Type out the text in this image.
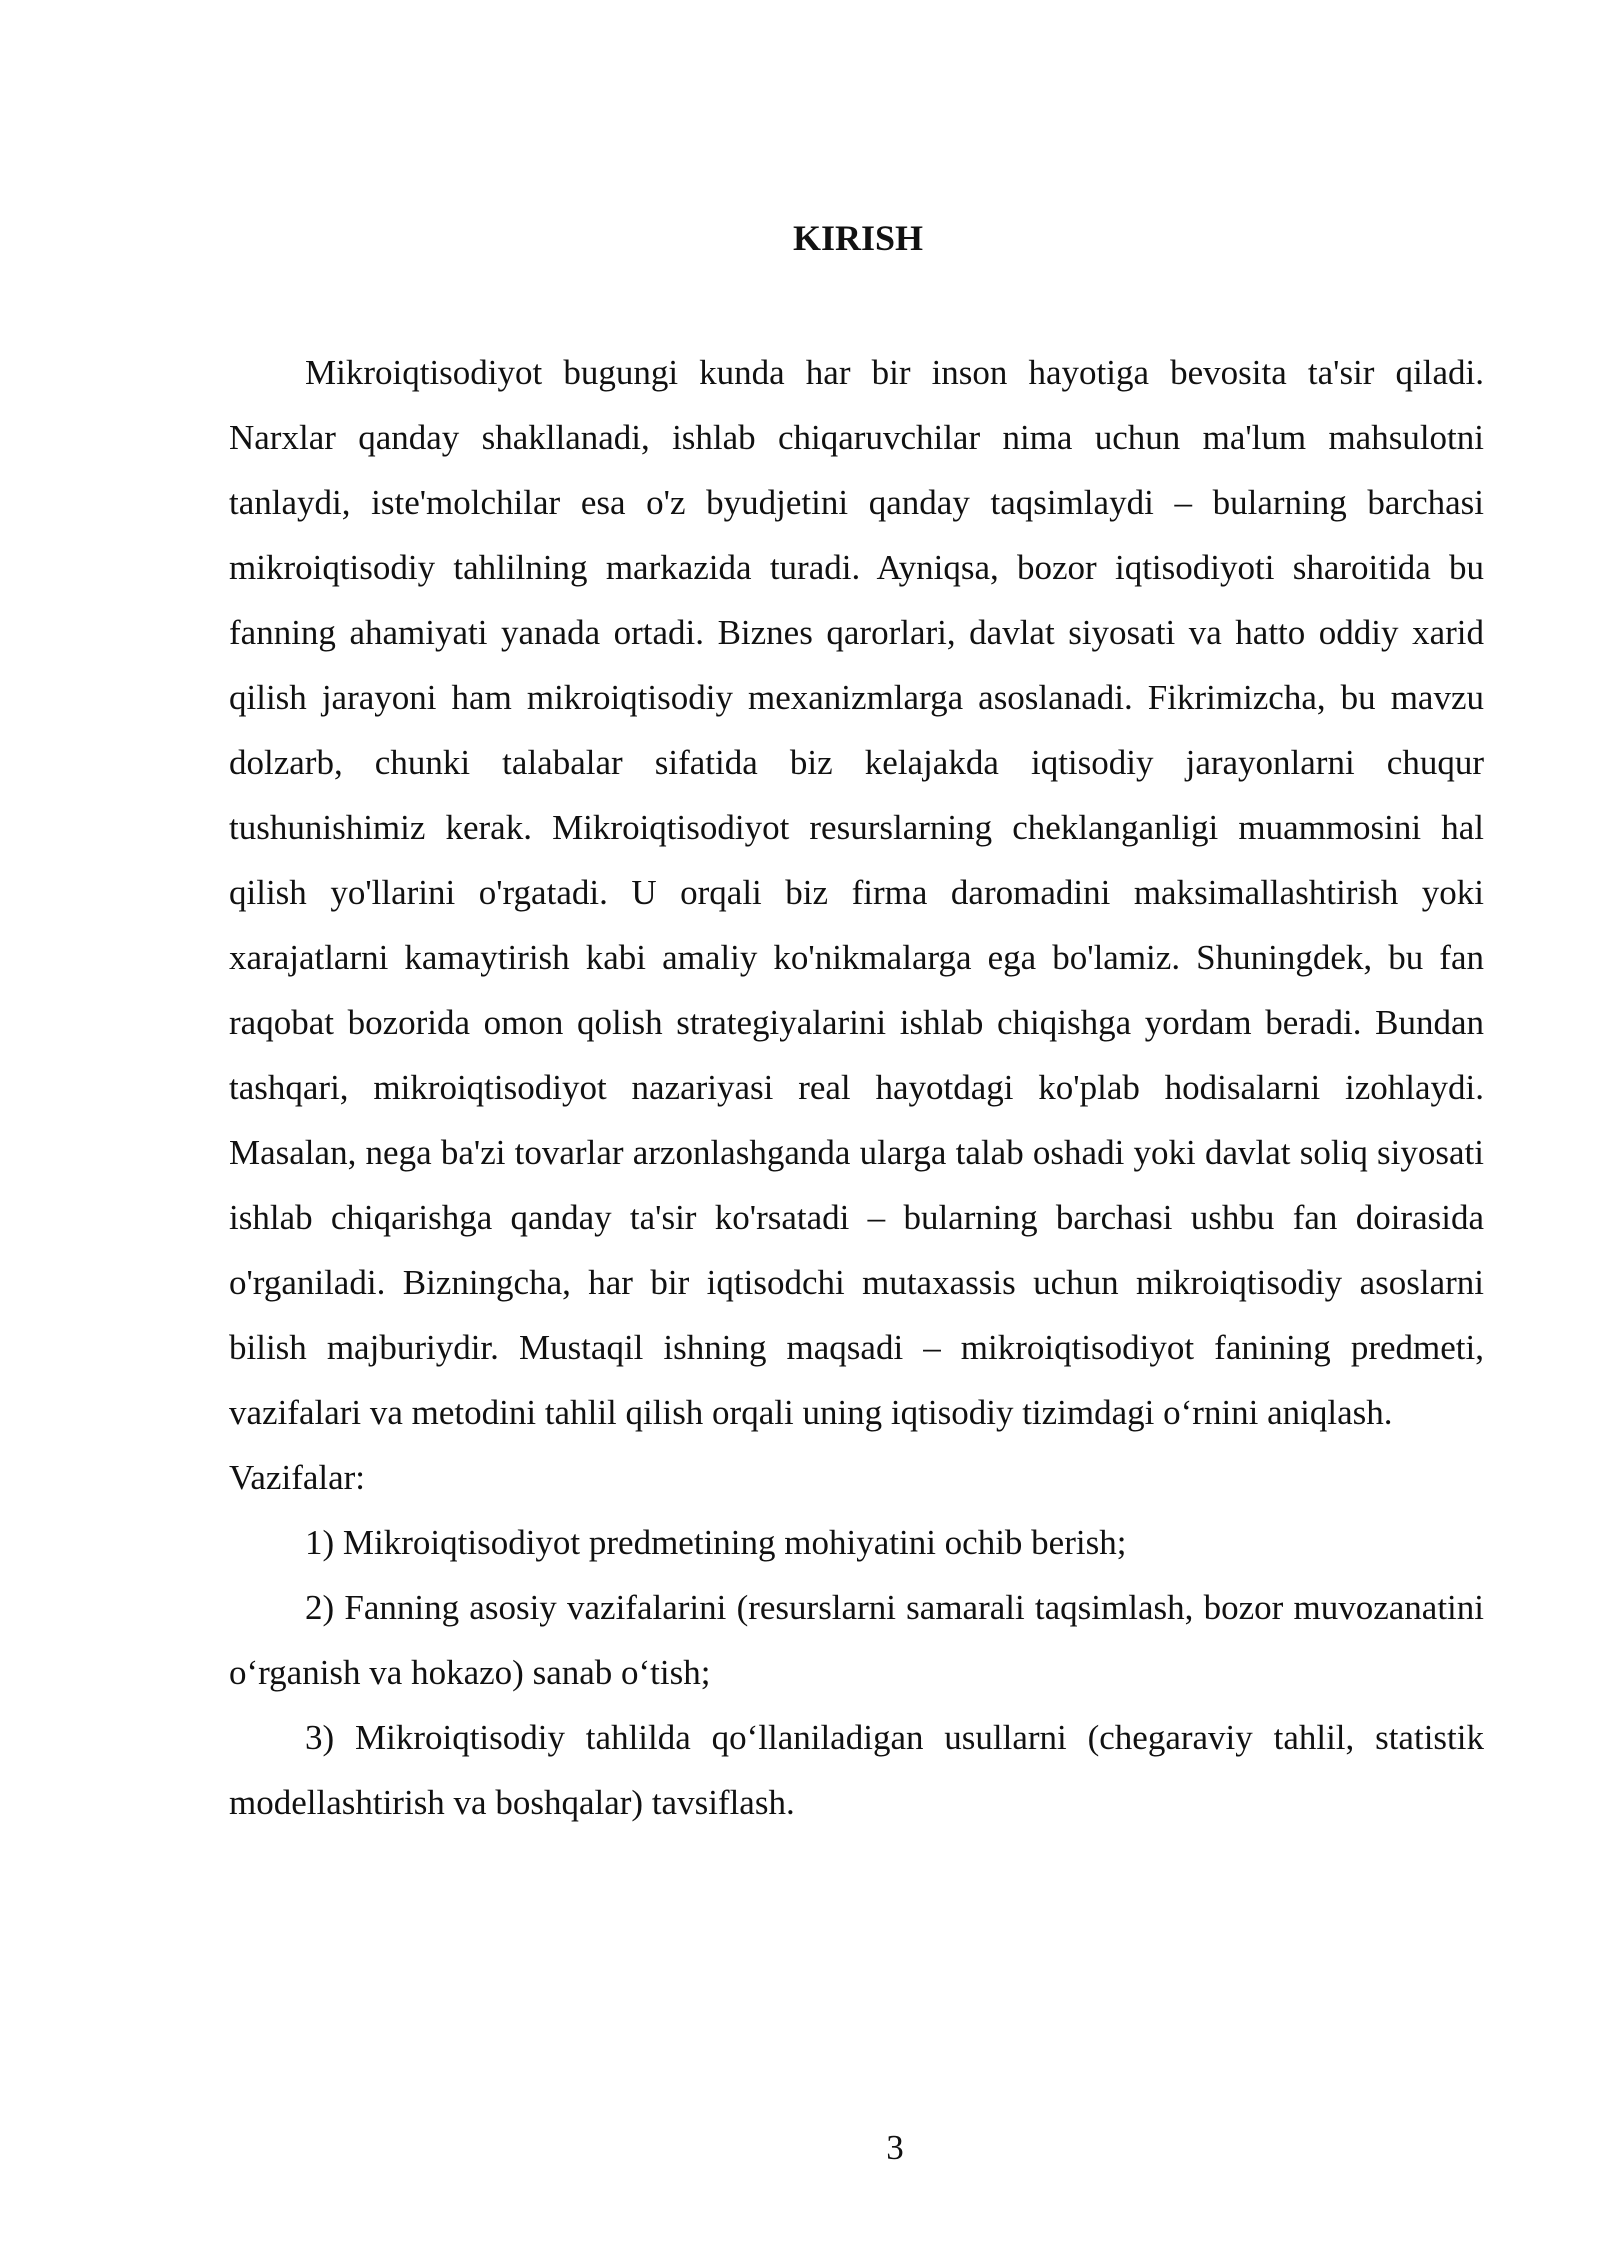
KIRISH

Mikroiqtisodiyot bugungi kunda har bir inson hayotiga bevosita ta'sir qiladi. Narxlar qanday shakllanadi, ishlab chiqaruvchilar nima uchun ma'lum mahsulotni tanlaydi, iste'molchilar esa o'z byudjetini qanday taqsimlaydi – bularning barchasi mikroiqtisodiy tahlilning markazida turadi. Ayniqsa, bozor iqtisodiyoti sharoitida bu fanning ahamiyati yanada ortadi. Biznes qarorlari, davlat siyosati va hatto oddiy xarid qilish jarayoni ham mikroiqtisodiy mexanizmlarga asoslanadi. Fikrimizcha, bu mavzu dolzarb, chunki talabalar sifatida biz kelajakda iqtisodiy jarayonlarni chuqur tushunishimiz kerak. Mikroiqtisodiyot resurslarning cheklanganligi muammosini hal qilish yo'llarini o'rgatadi. U orqali biz firma daromadini maksimallashtirish yoki xarajatlarni kamaytirish kabi amaliy ko'nikmalarga ega bo'lamiz. Shuningdek, bu fan raqobat bozorida omon qolish strategiyalarini ishlab chiqishga yordam beradi. Bundan tashqari, mikroiqtisodiyot nazariyasi real hayotdagi ko'plab hodisalarni izohlaydi. Masalan, nega ba'zi tovarlar arzonlashganda ularga talab oshadi yoki davlat soliq siyosati ishlab chiqarishga qanday ta'sir ko'rsatadi – bularning barchasi ushbu fan doirasida o'rganiladi. Bizningcha, har bir iqtisodchi mutaxassis uchun mikroiqtisodiy asoslarni bilish majburiydir. Mustaqil ishning maqsadi – mikroiqtisodiyot fanining predmeti, vazifalari va metodini tahlil qilish orqali uning iqtisodiy tizimdagi o‘rnini aniqlash.

Vazifalar:

1) Mikroiqtisodiyot predmetining mohiyatini ochib berish;

2) Fanning asosiy vazifalarini (resurslarni samarali taqsimlash, bozor muvozanatini o‘rganish va hokazo) sanab o‘tish;

3) Mikroiqtisodiy tahlilda qo‘llaniladigan usullarni (chegaraviy tahlil, statistik modellashtirish va boshqalar) tavsiflash.

3
